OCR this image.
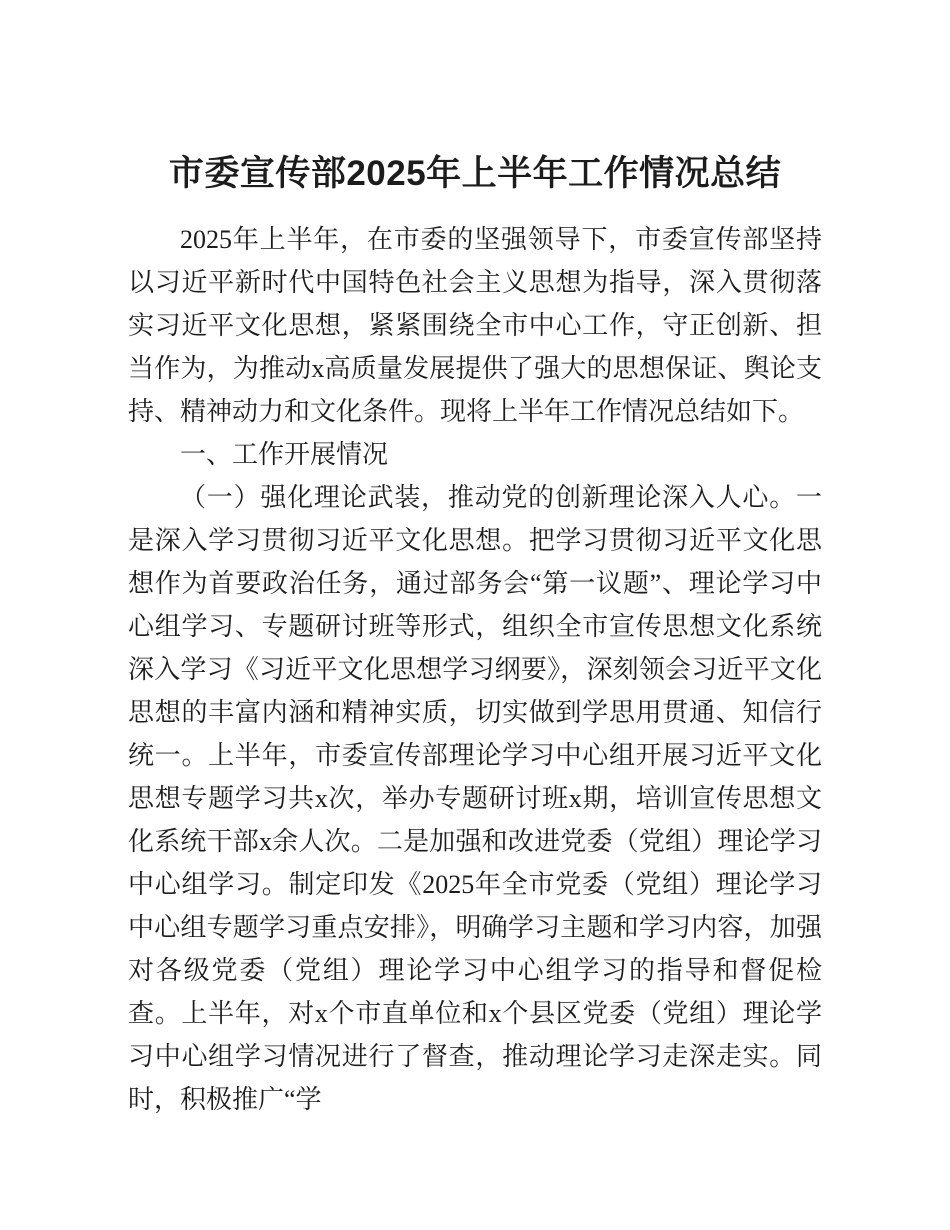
市委宣传部2025年上半年工作情况总结

2025年上半年，在市委的坚强领导下，市委宣传部坚持以习近平新时代中国特色社会主义思想为指导，深入贯彻落实习近平文化思想，紧紧围绕全市中心工作，守正创新、担当作为，为推动x高质量发展提供了强大的思想保证、舆论支持、精神动力和文化条件。现将上半年工作情况总结如下。

一、工作开展情况

（一）强化理论武装，推动党的创新理论深入人心。一是深入学习贯彻习近平文化思想。把学习贯彻习近平文化思想作为首要政治任务，通过部务会“第一议题”、理论学习中心组学习、专题研讨班等形式，组织全市宣传思想文化系统深入学习《习近平文化思想学习纲要》，深刻领会习近平文化思想的丰富内涵和精神实质，切实做到学思用贯通、知信行统一。上半年，市委宣传部理论学习中心组开展习近平文化思想专题学习共x次，举办专题研讨班x期，培训宣传思想文化系统干部x余人次。二是加强和改进党委（党组）理论学习中心组学习。制定印发《2025年全市党委（党组）理论学习中心组专题学习重点安排》，明确学习主题和学习内容，加强对各级党委（党组）理论学习中心组学习的指导和督促检查。上半年，对x个市直单位和x个县区党委（党组）理论学习中心组学习情况进行了督查，推动理论学习走深走实。同时，积极推广“学
